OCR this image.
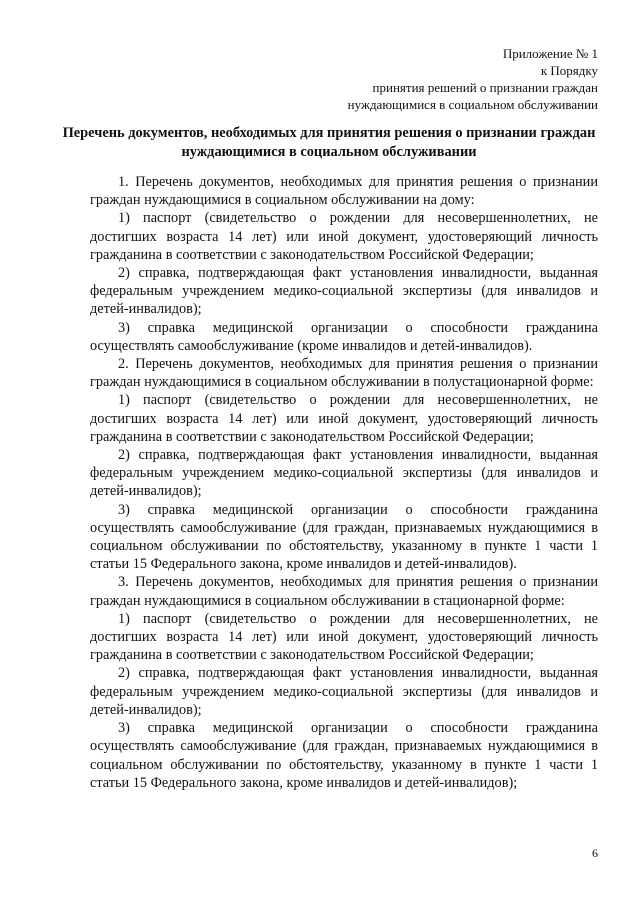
Приложение № 1
к Порядку
принятия решений о признании граждан
нуждающимися в социальном обслуживании
Перечень документов, необходимых для принятия решения о признании граждан нуждающимися в социальном обслуживании

1. Перечень документов, необходимых для принятия решения о признании граждан нуждающимися в социальном обслуживании на дому:

1) паспорт (свидетельство о рождении для несовершеннолетних, не достигших возраста 14 лет) или иной документ, удостоверяющий личность гражданина в соответствии с законодательством Российской Федерации;

2) справка, подтверждающая факт установления инвалидности, выданная федеральным учреждением медико-социальной экспертизы (для инвалидов и детей-инвалидов);

3) справка медицинской организации о способности гражданина осуществлять самообслуживание (кроме инвалидов и детей-инвалидов).

2. Перечень документов, необходимых для принятия решения о признании граждан нуждающимися в социальном обслуживании в полустационарной форме:

1) паспорт (свидетельство о рождении для несовершеннолетних, не достигших возраста 14 лет) или иной документ, удостоверяющий личность гражданина в соответствии с законодательством Российской Федерации;

2) справка, подтверждающая факт установления инвалидности, выданная федеральным учреждением медико-социальной экспертизы (для инвалидов и детей-инвалидов);

3) справка медицинской организации о способности гражданина осуществлять самообслуживание (для граждан, признаваемых нуждающимися в социальном обслуживании по обстоятельству, указанному в пункте 1 части 1 статьи 15 Федерального закона, кроме инвалидов и детей-инвалидов).

3. Перечень документов, необходимых для принятия решения о признании граждан нуждающимися в социальном обслуживании в стационарной форме:

1) паспорт (свидетельство о рождении для несовершеннолетних, не достигших возраста 14 лет) или иной документ, удостоверяющий личность гражданина в соответствии с законодательством Российской Федерации;

2) справка, подтверждающая факт установления инвалидности, выданная федеральным учреждением медико-социальной экспертизы (для инвалидов и детей-инвалидов);

3) справка медицинской организации о способности гражданина осуществлять самообслуживание (для граждан, признаваемых нуждающимися в социальном обслуживании по обстоятельству, указанному в пункте 1 части 1 статьи 15 Федерального закона, кроме инвалидов и детей-инвалидов);

6
